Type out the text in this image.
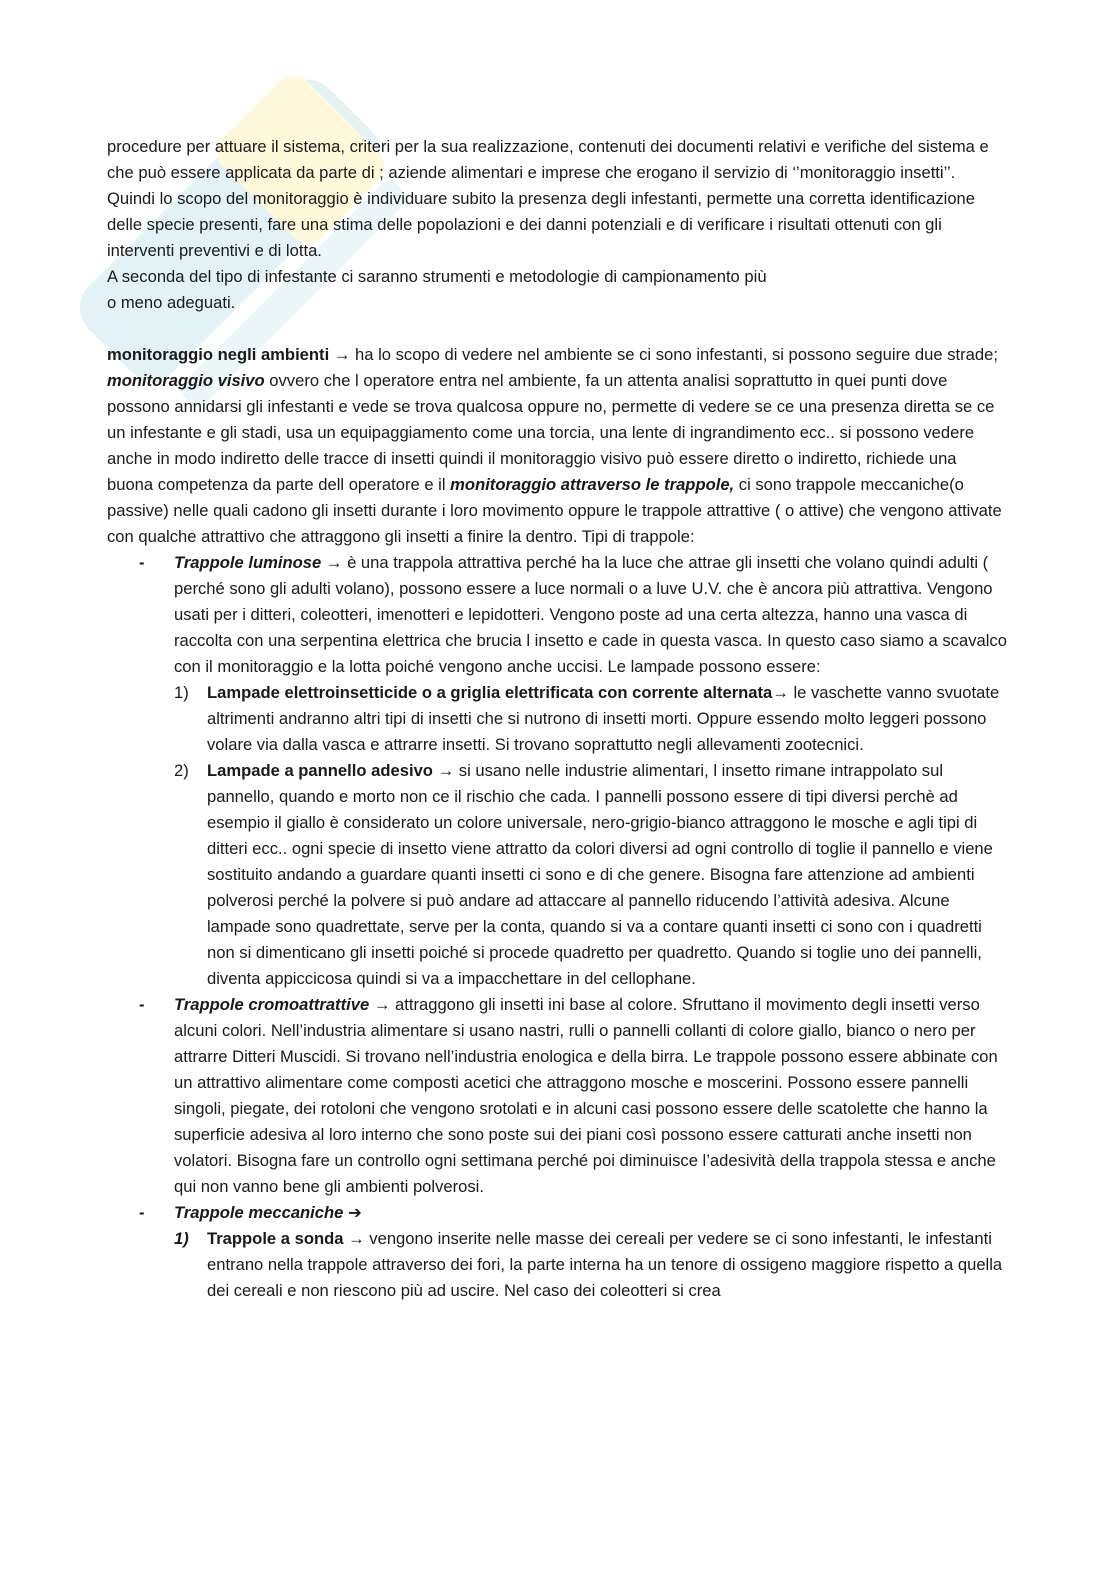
procedure per attuare il sistema, criteri per la sua realizzazione, contenuti dei documenti relativi e verifiche del sistema e che può essere applicata da parte di ; aziende alimentari e imprese che erogano il servizio di ‘’monitoraggio insetti’’.

Quindi lo scopo del monitoraggio è individuare subito la presenza degli infestanti, permette una corretta identificazione delle specie presenti, fare una stima delle popolazioni e dei danni potenziali e di verificare i risultati ottenuti con gli interventi preventivi e di lotta.

A seconda del tipo di infestante ci saranno strumenti e metodologie di campionamento più

o meno adeguati.

monitoraggio negli ambienti → ha lo scopo di vedere nel ambiente se ci sono infestanti, si possono seguire due strade; monitoraggio visivo ovvero che l operatore entra nel ambiente, fa un attenta analisi soprattutto in quei punti dove possono annidarsi gli infestanti e vede se trova qualcosa oppure no, permette di vedere se ce una presenza diretta se ce un infestante e gli stadi, usa un equipaggiamento come una torcia, una lente di ingrandimento ecc.. si possono vedere anche in modo indiretto delle tracce di insetti quindi il monitoraggio visivo può essere diretto o indiretto, richiede una buona competenza da parte dell operatore e il monitoraggio attraverso le trappole, ci sono trappole meccaniche(o passive) nelle quali cadono gli insetti durante i loro movimento oppure le trappole attrattive ( o attive) che vengono attivate con qualche attrattivo che attraggono gli insetti a finire la dentro. Tipi di trappole:

- Trappole luminose → è una trappola attrattiva perché ha la luce che attrae gli insetti che volano quindi adulti ( perché sono gli adulti volano), possono essere a luce normali o a luve U.V. che è ancora più attrattiva. Vengono usati per i ditteri, coleotteri, imenotteri e lepidotteri. Vengono poste ad una certa altezza, hanno una vasca di raccolta con una serpentina elettrica che brucia l insetto e cade in questa vasca. In questo caso siamo a scavalco con il monitoraggio e la lotta poiché vengono anche uccisi. Le lampade possono essere:
1) Lampade elettroinsetticide o a griglia elettrificata con corrente alternata→ le vaschette vanno svuotate altrimenti andranno altri tipi di insetti che si nutrono di insetti morti. Oppure essendo molto leggeri possono volare via dalla vasca e attrarre insetti. Si trovano soprattutto negli allevamenti zootecnici.
2) Lampade a pannello adesivo → si usano nelle industrie alimentari, l insetto rimane intrappolato sul pannello, quando e morto non ce il rischio che cada. I pannelli possono essere di tipi diversi perchè ad esempio il giallo è considerato un colore universale, nero-grigio-bianco attraggono le mosche e agli tipi di ditteri ecc.. ogni specie di insetto viene attratto da colori diversi ad ogni controllo di toglie il pannello e viene sostituito andando a guardare quanti insetti ci sono e di che genere. Bisogna fare attenzione ad ambienti polverosi perché la polvere si può andare ad attaccare al pannello riducendo l’attività adesiva. Alcune lampade sono quadrettate, serve per la conta, quando si va a contare quanti insetti ci sono con i quadretti non si dimenticano gli insetti poiché si procede quadretto per quadretto. Quando si toglie uno dei pannelli, diventa appiccicosa quindi si va a impacchettare in del cellophane.
- Trappole cromoattrattive → attraggono gli insetti ini base al colore. Sfruttano il movimento degli insetti verso alcuni colori. Nell’industria alimentare si usano nastri, rulli o pannelli collanti di colore giallo, bianco o nero per attrarre Ditteri Muscidi. Si trovano nell’industria enologica e della birra. Le trappole possono essere abbinate con un attrattivo alimentare come composti acetici che attraggono mosche e moscerini. Possono essere pannelli singoli, piegate, dei rotoloni che vengono srotolati e in alcuni casi possono essere delle scatolette che hanno la superficie adesiva al loro interno che sono poste sui dei piani così possono essere catturati anche insetti non volatori. Bisogna fare un controllo ogni settimana perché poi diminuisce l’adesività della trappola stessa e anche qui non vanno bene gli ambienti polverosi.
- Trappole meccaniche ➔
1) Trappole a sonda → vengono inserite nelle masse dei cereali per vedere se ci sono infestanti, le infestanti entrano nella trappole attraverso dei fori, la parte interna ha un tenore di ossigeno maggiore rispetto a quella dei cereali e non riescono più ad uscire. Nel caso dei coleotteri si crea
